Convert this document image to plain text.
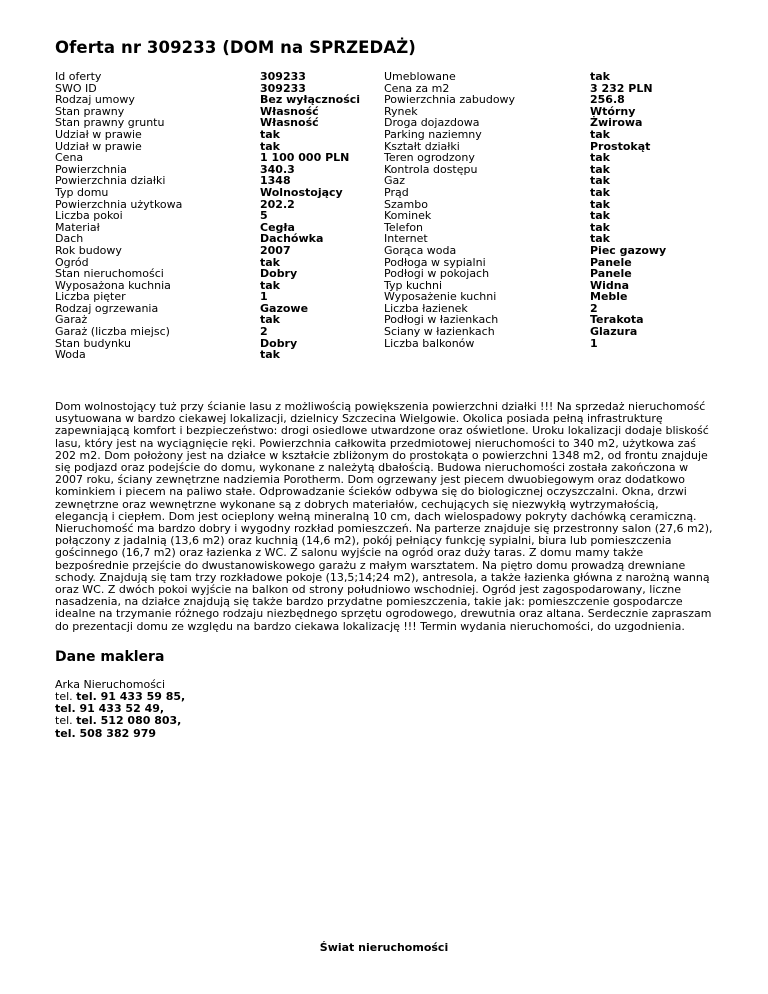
Oferta nr 309233 (DOM na SPRZEDAŻ)
Id oferty
SWO ID
Rodzaj umowy
Stan prawny
Stan prawny gruntu
Udział w prawie
Udział w prawie
Cena
Powierzchnia
Powierzchnia działki
Typ domu
Powierzchnia użytkowa
Liczba pokoi
Materiał
Dach
Rok budowy
Ogród
Stan nieruchomości
Wyposażona kuchnia
Liczba pięter
Rodzaj ogrzewania
Garaż
Garaż (liczba miejsc)
Stan budynku
Woda
309233
309233
Bez wyłączności
Własność
Własność
tak
tak
1 100 000 PLN
340.3
1348
Wolnostojący
202.2
5
Cegła
Dachówka
2007
tak
Dobry
tak
1
Gazowe
tak
2
Dobry
tak
Umeblowane
Cena za m2
Powierzchnia zabudowy
Rynek
Droga dojazdowa
Parking naziemny
Kształt działki
Teren ogrodzony
Kontrola dostępu
Gaz
Prąd
Szambo
Kominek
Telefon
Internet
Gorąca woda
Podłoga w sypialni
Podłogi w pokojach
Typ kuchni
Wyposażenie kuchni
Liczba łazienek
Podłogi w łazienkach
Sciany w łazienkach
Liczba balkonów
tak
3 232 PLN
256.8
Wtórny
Żwirowa
tak
Prostokąt
tak
tak
tak
tak
tak
tak
tak
tak
Piec gazowy
Panele
Panele
Widna
Meble
2
Terakota
Glazura
1
Dom wolnostojący tuż przy ścianie lasu z możliwością powiększenia powierzchni działki !!! Na sprzedaż nieruchomość usytuowana w bardzo ciekawej lokalizacji, dzielnicy Szczecina Wielgowie. Okolica posiada pełną infrastrukturę zapewniającą komfort i bezpieczeństwo: drogi osiedlowe utwardzone oraz oświetlone. Uroku lokalizacji dodaje bliskość lasu, który jest na wyciągnięcie ręki. Powierzchnia całkowita przedmiotowej nieruchomości to 340 m2, użytkowa zaś 202 m2. Dom położony jest na działce w kształcie zbliżonym do prostokąta o powierzchni 1348 m2, od frontu znajduje się podjazd oraz podejście do domu, wykonane z należytą dbałością. Budowa nieruchomości została zakończona w 2007 roku, ściany zewnętrzne nadziemia Porotherm. Dom ogrzewany jest piecem dwuobiegowym oraz dodatkowo kominkiem i piecem na paliwo stałe. Odprowadzanie ścieków odbywa się do biologicznej oczyszczalni. Okna, drzwi zewnętrzne oraz wewnętrzne wykonane są z dobrych materiałów, cechujących się niezwykłą wytrzymałością, elegancją i ciepłem. Dom jest ocieplony wełną mineralną 10 cm, dach wielospadowy pokryty dachówką ceramiczną. Nieruchomość ma bardzo dobry i wygodny rozkład pomieszczeń. Na parterze znajduje się przestronny salon (27,6 m2), połączony z jadalnią (13,6 m2) oraz kuchnią (14,6 m2), pokój pełniący funkcję sypialni, biura lub pomieszczenia gościnnego (16,7 m2) oraz łazienka z WC. Z salonu wyjście na ogród oraz duży taras. Z domu mamy także bezpośrednie przejście do dwustanowiskowego garażu z małym warsztatem. Na piętro domu prowadzą drewniane schody. Znajdują się tam trzy rozkładowe pokoje (13,5;14;24 m2), antresola, a także łazienka główna z narożną wanną oraz WC. Z dwóch pokoi wyjście na balkon od strony południowo wschodniej. Ogród jest zagospodarowany, liczne nasadzenia, na działce znajdują się także bardzo przydatne pomieszczenia, takie jak: pomieszczenie gospodarcze idealne na trzymanie różnego rodzaju niezbędnego sprzętu ogrodowego, drewutnia oraz altana. Serdecznie zapraszam do prezentacji domu ze względu na bardzo ciekawa lokalizację !!! Termin wydania nieruchomości, do uzgodnienia.
Dane maklera
Arka Nieruchomości
tel. tel. 91 433 59 85,
tel. 91 433 52 49,
tel. tel. 512 080 803,
tel. 508 382 979
Świat nieruchomości
